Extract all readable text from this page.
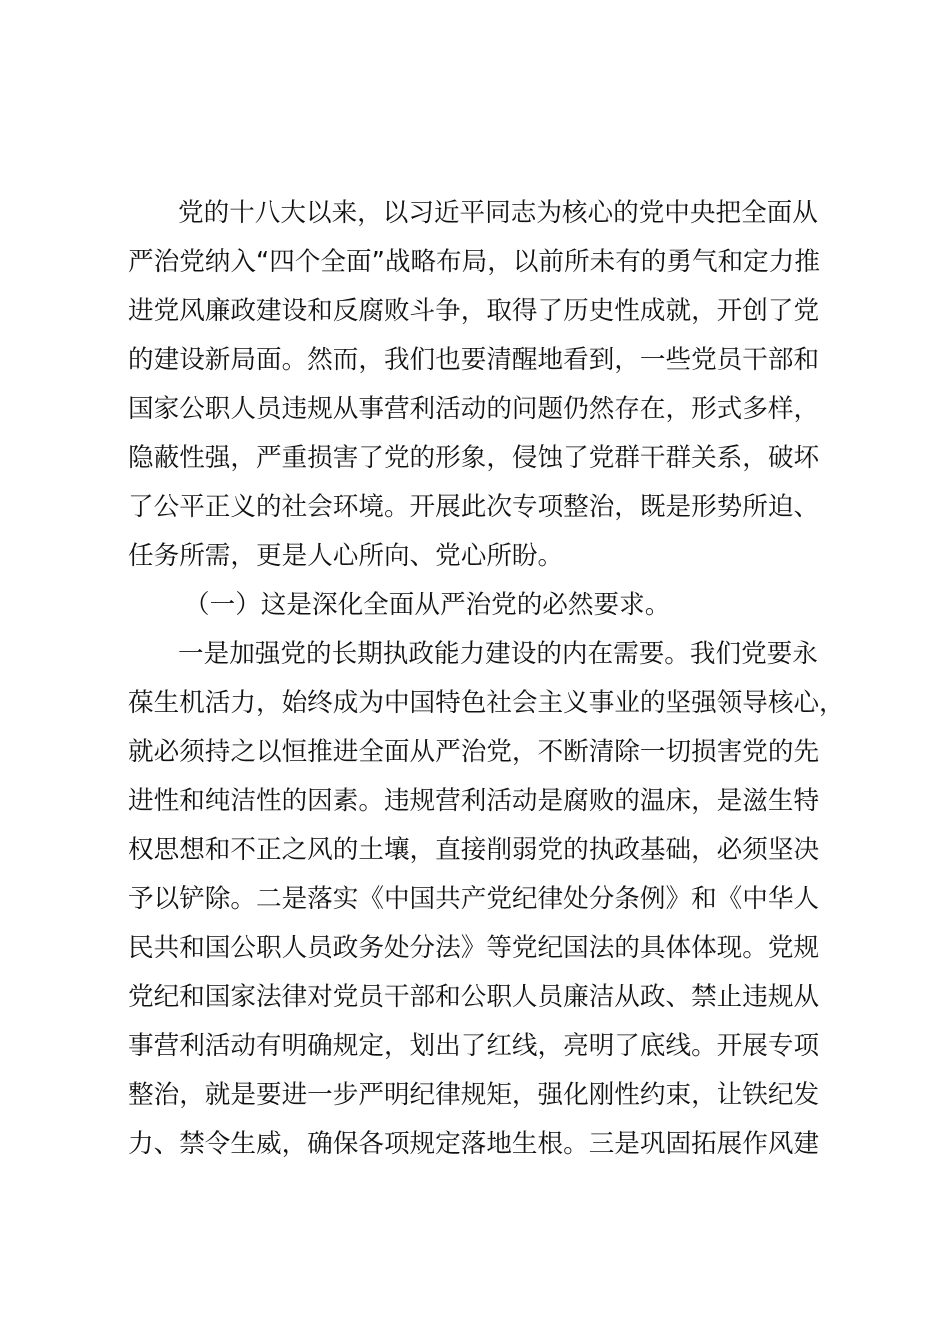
党的十八大以来，以习近平同志为核心的党中央把全面从
严治党纳入“四个全面”战略布局，以前所未有的勇气和定力推
进党风廉政建设和反腐败斗争，取得了历史性成就，开创了党
的建设新局面。然而，我们也要清醒地看到，一些党员干部和
国家公职人员违规从事营利活动的问题仍然存在，形式多样，
隐蔽性强，严重损害了党的形象，侵蚀了党群干群关系，破坏
了公平正义的社会环境。开展此次专项整治，既是形势所迫、
任务所需，更是人心所向、党心所盼。
（一）这是深化全面从严治党的必然要求。
一是加强党的长期执政能力建设的内在需要。我们党要永
葆生机活力，始终成为中国特色社会主义事业的坚强领导核心，
就必须持之以恒推进全面从严治党，不断清除一切损害党的先
进性和纯洁性的因素。违规营利活动是腐败的温床，是滋生特
权思想和不正之风的土壤，直接削弱党的执政基础，必须坚决
予以铲除。二是落实《中国共产党纪律处分条例》和《中华人
民共和国公职人员政务处分法》等党纪国法的具体体现。党规
党纪和国家法律对党员干部和公职人员廉洁从政、禁止违规从
事营利活动有明确规定，划出了红线，亮明了底线。开展专项
整治，就是要进一步严明纪律规矩，强化刚性约束，让铁纪发
力、禁令生威，确保各项规定落地生根。三是巩固拓展作风建
